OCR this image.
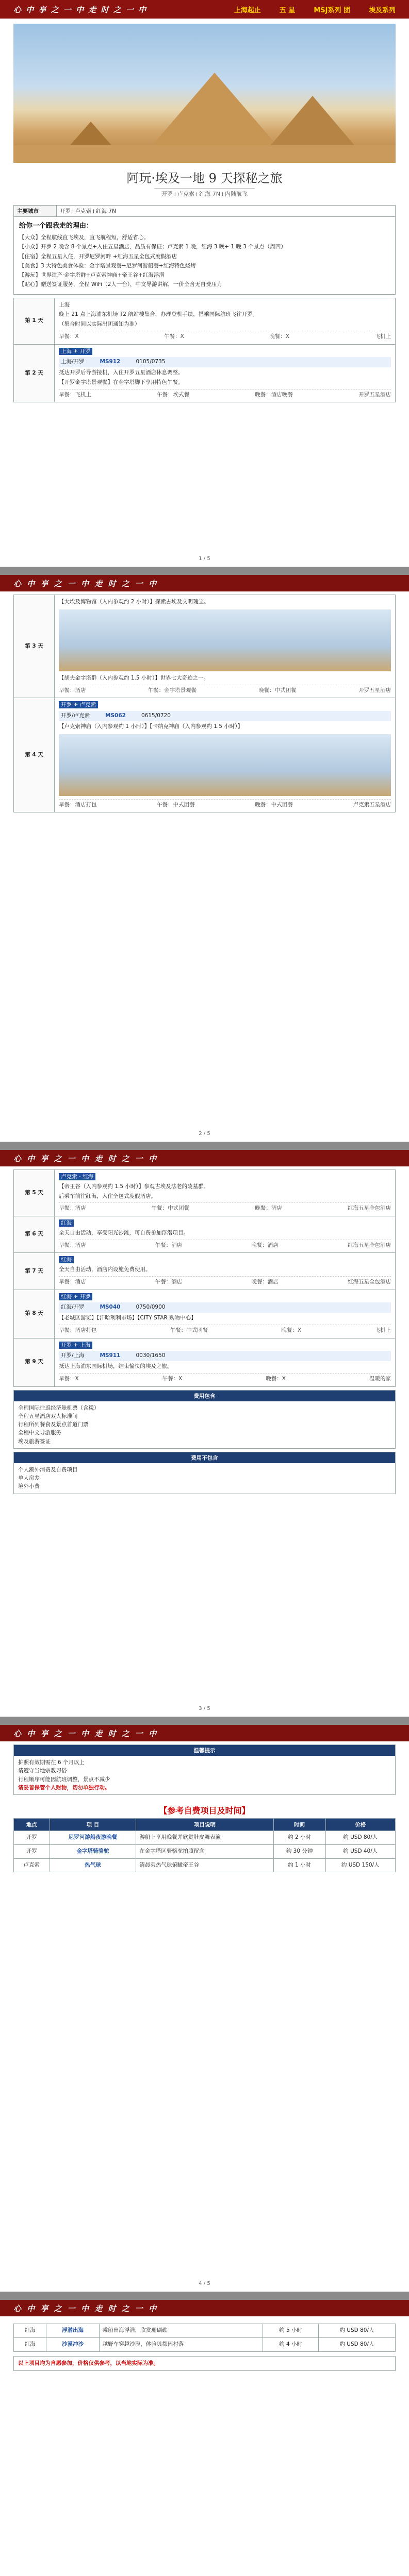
心 中 享 之 一 中 走 时 之 一 中	上海起止	五 星	MSJ系列 团	埃及系列
阿玩·埃及一地 9 天探秘之旅
开罗+卢克索+红海 7N+内陆航飞
主要城市	开罗+卢克索+红海 7N
给你一个跟我走的理由：

【大众】全程航线直飞埃及，直飞航程短，舒适省心。

【小众】开罗 2 晚含 8 个景点+入住五星酒店，品质有保证；卢克索 1 晚，红海 3 晚+ 1 晚 3 个景点（周四）

【住宿】全程五星入住，开罗尼罗河畔 +红海五星全包式度假酒店

【美食】3 大特色美食体验：金字塔景观餐+尼罗河游船餐+红海特色烧烤

【游玩】世界遗产·金字塔群+卢克索神庙+帝王谷+红海浮潜

【贴心】赠送签证服务，全程 WiFi（2人一台），中文导游讲解，一价全含无自费压力

第 1 天

上海

晚上 21 点上海浦东机场 T2 航站楼集合，办理登机手续，搭乘国际航班飞往开罗。

（集合时间以实际出团通知为准）

早餐：X	午餐：X	晚餐：X	飞机上
第 2 天

上海 ✈ 开罗

上海/开罗	MS912	0105/0735

抵达开罗后导游接机，入住开罗五星酒店休息调整。

【开罗金字塔景观餐】在金字塔脚下享用特色午餐。

早餐：飞机上	午餐：埃式餐	晚餐：酒店晚餐	开罗五星酒店
1 / 5
心 中 享 之 一 中 走 时 之 一 中
第 3 天

【大埃及博物馆（入内参观约 2 小时）】探索古埃及文明瑰宝。

【胡夫金字塔群（入内参观约 1.5 小时）】世界七大奇迹之一。

早餐：酒店	午餐：金字塔景观餐	晚餐：中式团餐	开罗五星酒店
第 4 天

开罗 ✈ 卢克索

开罗/卢克索	MS062	0615/0720

【卢克索神庙（入内参观约 1 小时）】【卡纳克神庙（入内参观约 1.5 小时）】

早餐：酒店打包	午餐：中式团餐	晚餐：中式团餐	卢克索五星酒店
2 / 5
心 中 享 之 一 中 走 时 之 一 中
第 5 天

卢克索 - 红海

【帝王谷（入内参观约 1.5 小时）】参观古埃及法老的陵墓群。

后乘车前往红海，入住全包式度假酒店。

早餐：酒店	午餐：中式团餐	晚餐：酒店	红海五星全包酒店
第 6 天

红海

全天自由活动，享受阳光沙滩，可自费参加浮潜项目。

早餐：酒店	午餐：酒店	晚餐：酒店	红海五星全包酒店
第 7 天

红海

全天自由活动，酒店内设施免费使用。

早餐：酒店	午餐：酒店	晚餐：酒店	红海五星全包酒店
第 8 天

红海 ✈ 开罗

红海/开罗	MS040	0750/0900

【老城区游览】【汗哈利利市场】【CITY STAR 购物中心】

早餐：酒店打包	午餐：中式团餐	晚餐：X	飞机上
第 9 天

开罗 ✈ 上海

开罗/上海	MS911	0030/1650

抵达上海浦东国际机场，结束愉快的埃及之旅。

早餐：X	午餐：X	晚餐：X	温暖的家
费用包含

全程国际往返经济舱机票（含税）

全程五星酒店双人标准间

行程所列餐食及景点首道门票

全程中文导游服务

埃及旅游签证

费用不包含

个人额外消费及自费项目

单人房差

境外小费

3 / 5
心 中 享 之 一 中 走 时 之 一 中
温馨提示

护照有效期需在 6 个月以上

请遵守当地宗教习俗

行程顺序可能因航班调整，景点不减少

请妥善保管个人财物，切勿单独行动。

【参考自费项目及时间】
地点	项 目	项目说明	时间	价格
开罗	尼罗河游船夜游晚餐	游船上享用晚餐并欣赏肚皮舞表演	约 2 小时	约 USD 80/人
开罗	金字塔骑骆驼	在金字塔区骑骆驼拍照留念	约 30 分钟	约 USD 40/人
卢克索	热气球	清晨乘热气球俯瞰帝王谷	约 1 小时	约 USD 150/人
4 / 5
心 中 享 之 一 中 走 时 之 一 中
红海	浮潜出海	乘船出海浮潜，欣赏珊瑚礁	约 5 小时	约 USD 80/人
红海	沙漠冲沙	越野车穿越沙漠，体验贝都因村落	约 4 小时	约 USD 80/人
以上项目均为自愿参加，价格仅供参考，以当地实际为准。
